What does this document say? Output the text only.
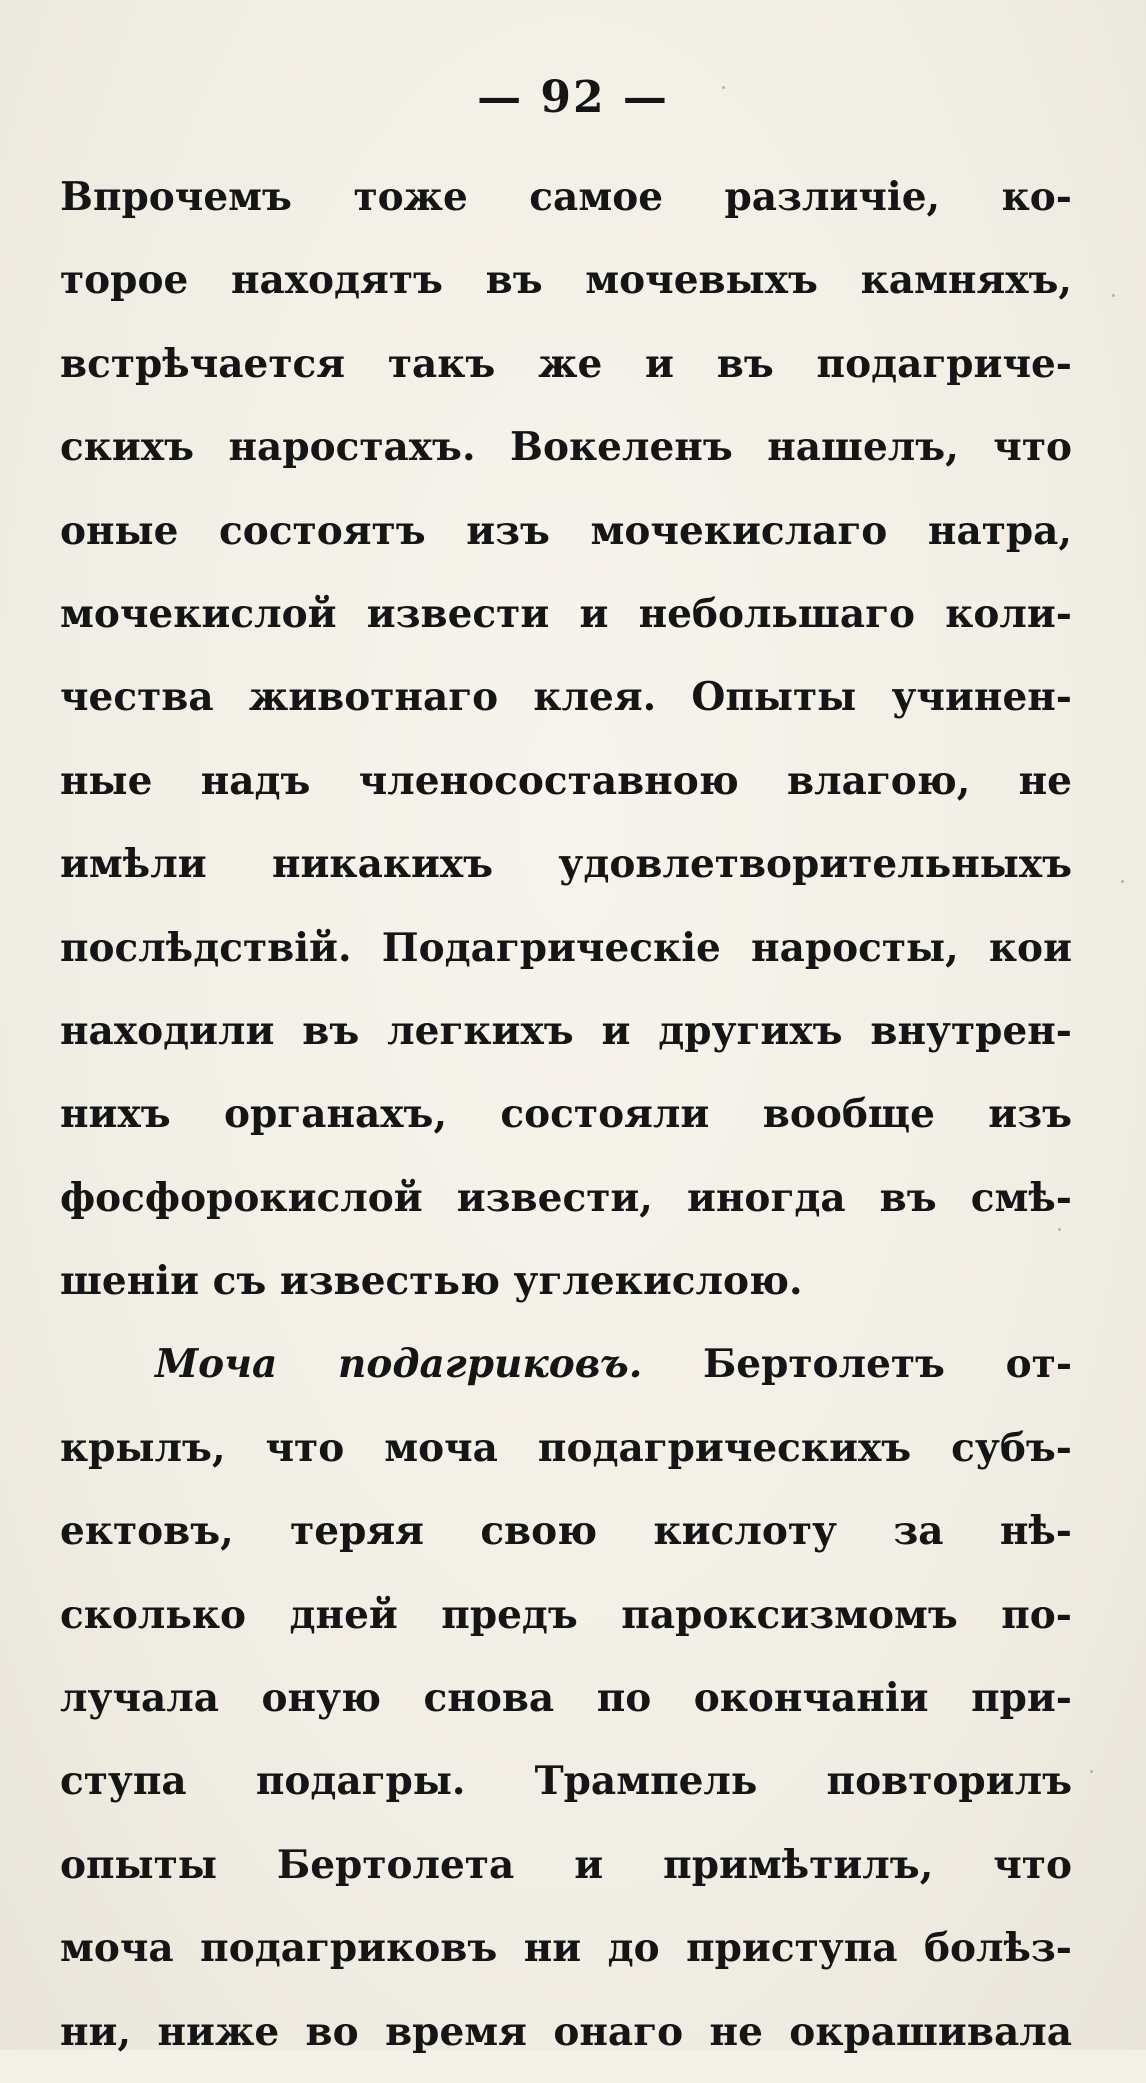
— 92 —
Впрочемъ тоже самое различіе, ко-
торое находятъ въ мочевыхъ камняхъ,
встрѣчается такъ же и въ подагриче-
скихъ наростахъ. Вокеленъ нашелъ, что
оные состоятъ изъ мочекислаго натра,
мочекислой извести и небольшаго коли-
чества животнаго клея. Опыты учинен-
ные надъ членосоставною влагою, не
имѣли никакихъ удовлетворительныхъ
послѣдствій. Подагрическіе наросты, кои
находили въ легкихъ и другихъ внутрен-
нихъ органахъ, состояли вообще изъ
фосфорокислой извести, иногда въ смѣ-
шеніи съ известью углекислою.
Моча подагриковъ. Бертолетъ от-
крылъ, что моча подагрическихъ субъ-
ектовъ, теряя свою кислоту за нѣ-
сколько дней предъ пароксизмомъ по-
лучала оную снова по окончаніи при-
ступа подагры. Трампель повторилъ
опыты Бертолета и примѣтилъ, что
моча подагриковъ ни до приступа болѣз-
ни, ниже во время онаго не окрашивала
